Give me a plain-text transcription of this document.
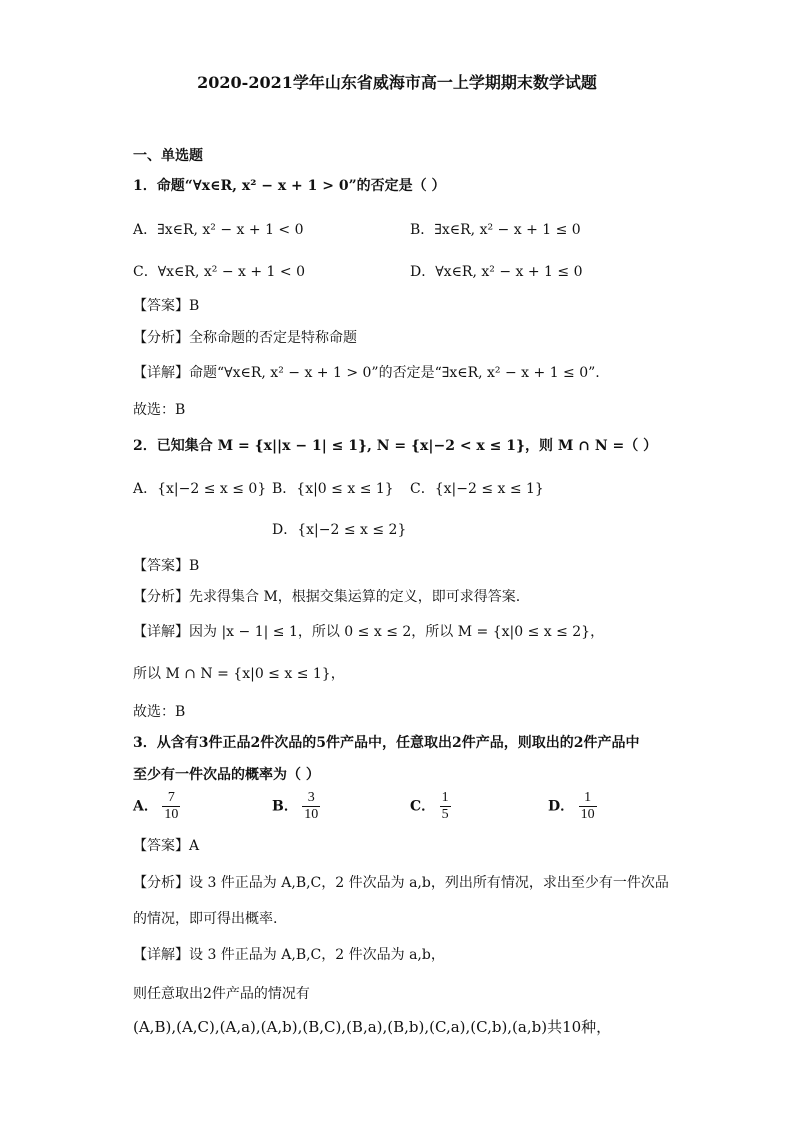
2020-2021学年山东省威海市高一上学期期末数学试题
一、单选题
1．命题“∀x∈R, x² − x + 1 > 0”的否定是（ ）
A．∃x∈R, x² − x + 1 < 0	B．∃x∈R, x² − x + 1 ≤ 0
C．∀x∈R, x² − x + 1 < 0	D．∀x∈R, x² − x + 1 ≤ 0
【答案】B
【分析】全称命题的否定是特称命题
【详解】命题“∀x∈R, x² − x + 1 > 0”的否定是“∃x∈R, x² − x + 1 ≤ 0”.
故选：B
2．已知集合 M = {x||x − 1| ≤ 1}, N = {x|−2 < x ≤ 1}，则 M ∩ N =（ ）
A．{x|−2 ≤ x ≤ 0} B．{x|0 ≤ x ≤ 1} C．{x|−2 ≤ x ≤ 1}
D．{x|−2 ≤ x ≤ 2}
【答案】B
【分析】先求得集合 M，根据交集运算的定义，即可求得答案.
【详解】因为 |x − 1| ≤ 1，所以 0 ≤ x ≤ 2，所以 M = {x|0 ≤ x ≤ 2}，
所以 M ∩ N = {x|0 ≤ x ≤ 1}，
故选：B
3．从含有3件正品2件次品的5件产品中，任意取出2件产品，则取出的2件产品中
至少有一件次品的概率为（ ）
A． $\frac{7}{10}$	B． $\frac{3}{10}$	C． $\frac{1}{5}$	D． $\frac{1}{10}$
【答案】A
【分析】设 3 件正品为 A,B,C，2 件次品为 a,b，列出所有情况，求出至少有一件次品
的情况，即可得出概率.
【详解】设 3 件正品为 A,B,C，2 件次品为 a,b，
则任意取出2件产品的情况有
(A,B),(A,C),(A,a),(A,b),(B,C),(B,a),(B,b),(C,a),(C,b),(a,b)共10种，
